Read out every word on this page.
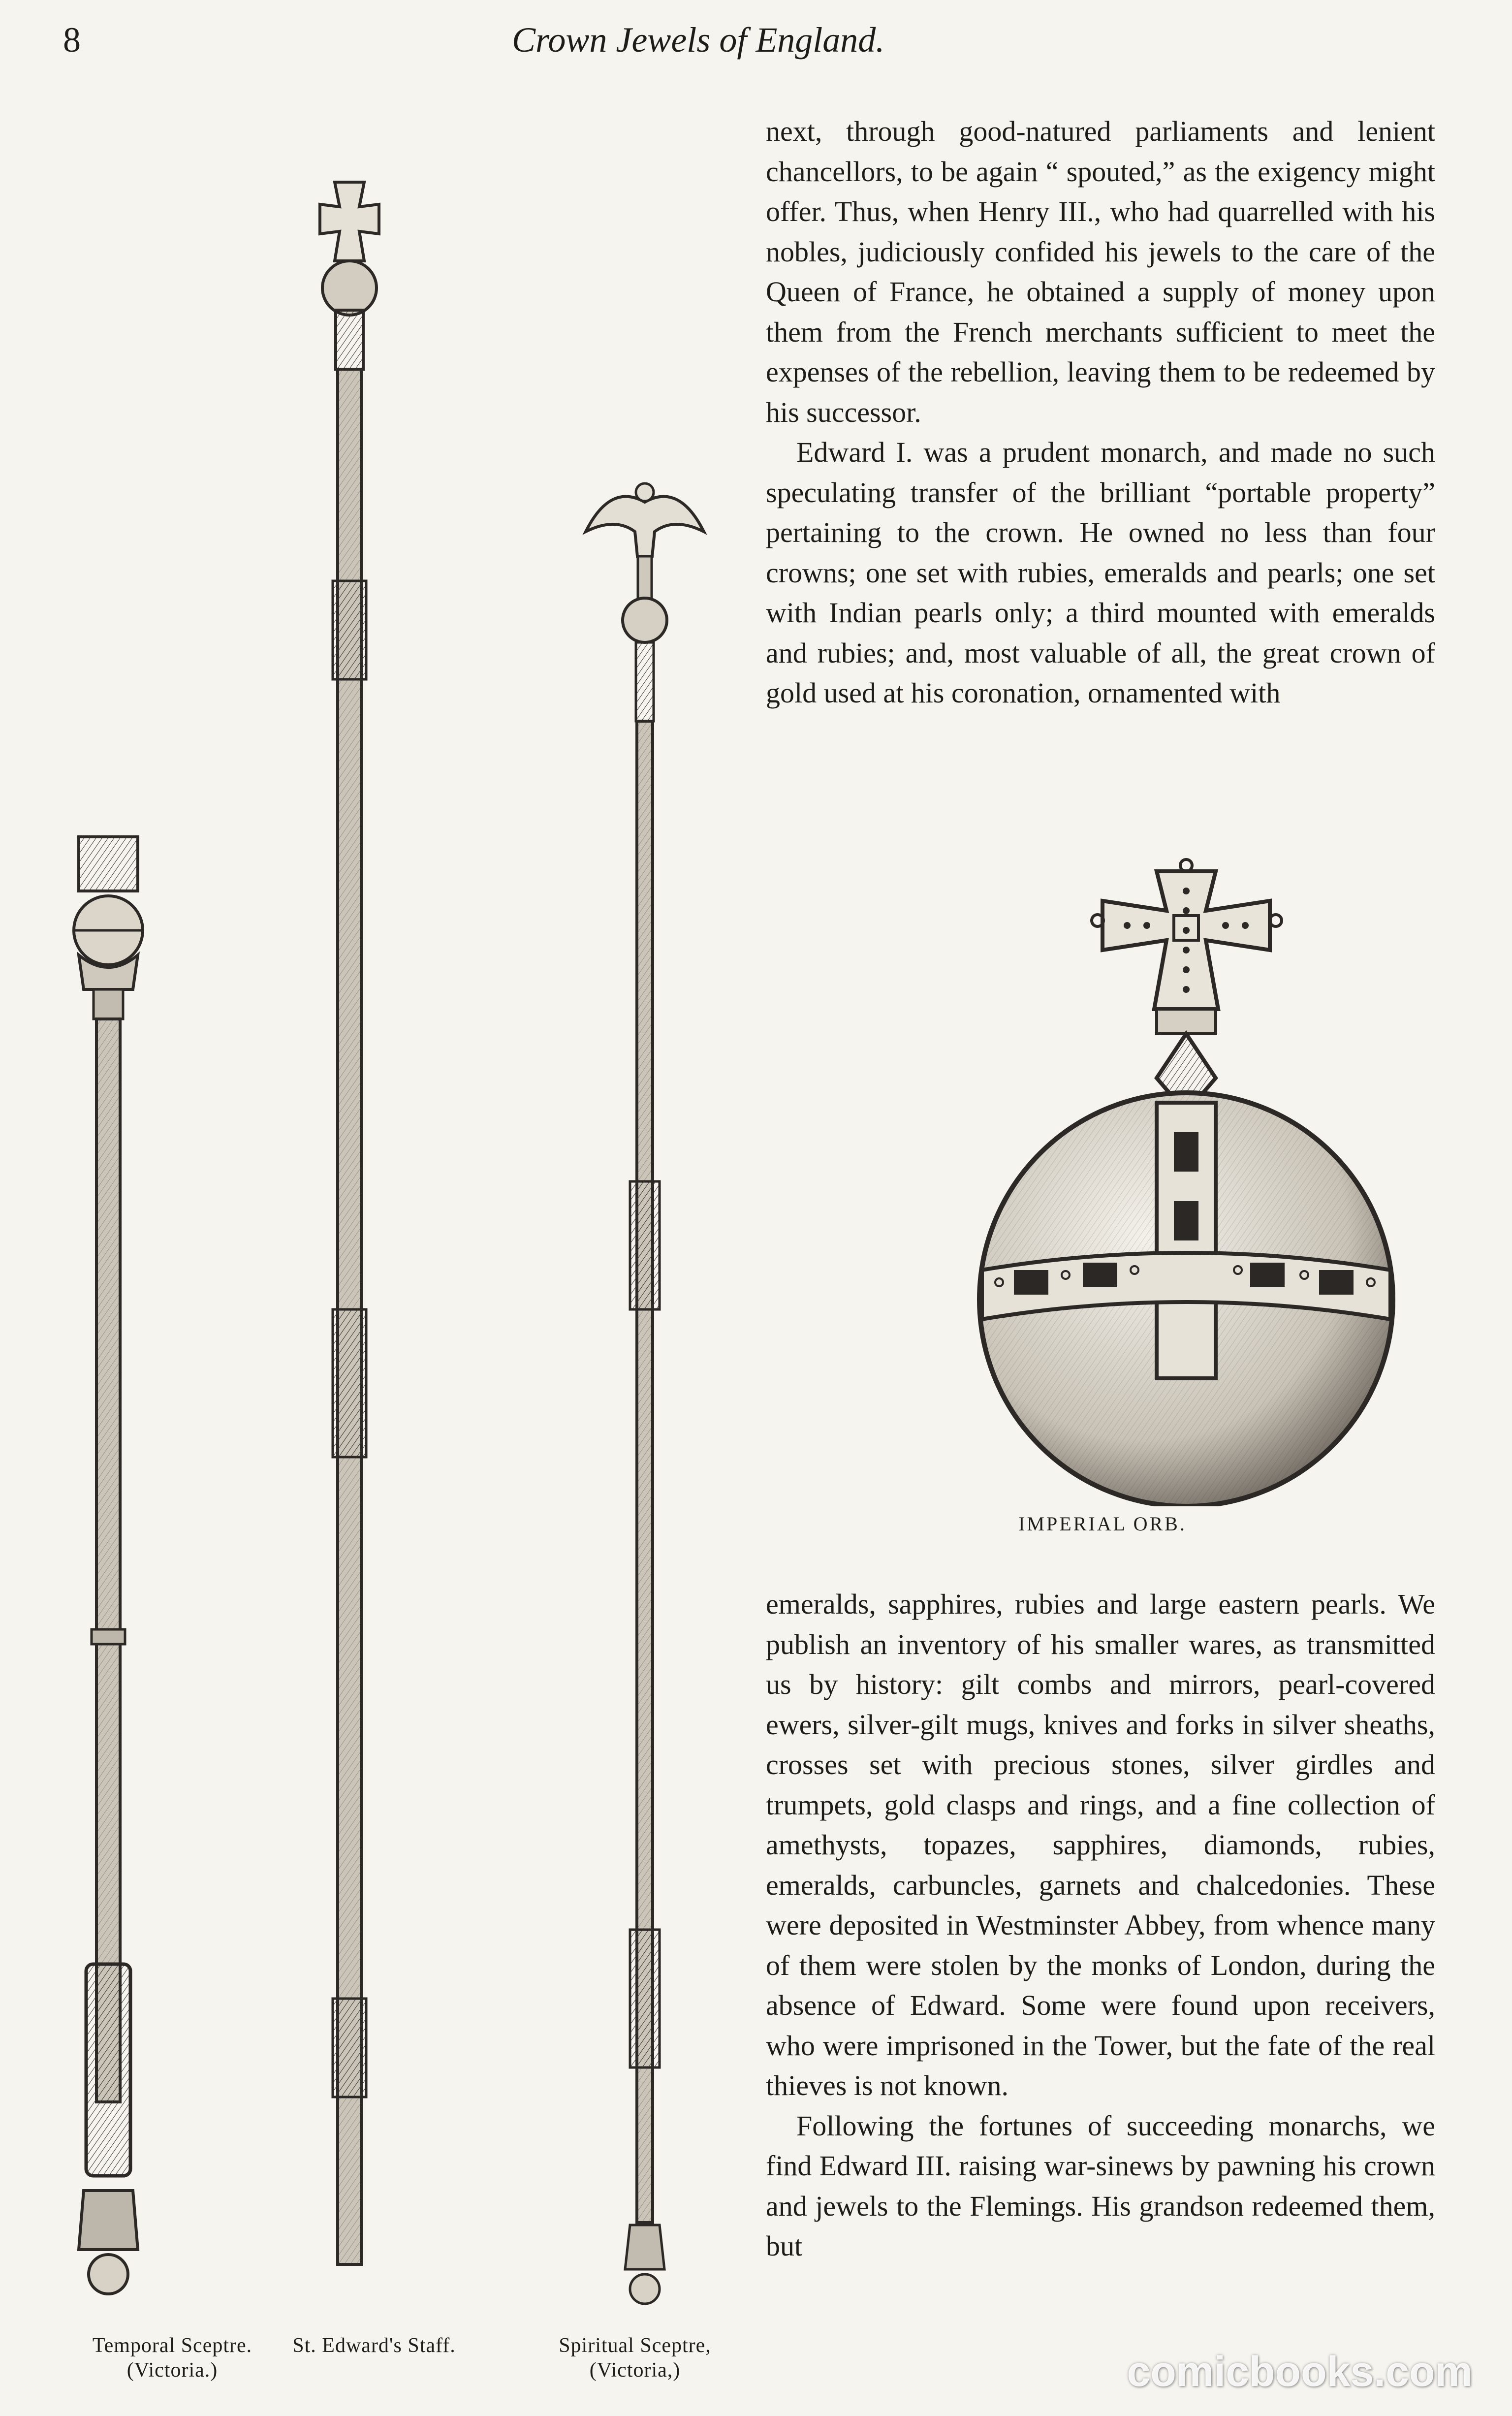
8	Crown Jewels of England.

next, through good-natured parliaments and lenient chancellors, to be again “ spouted,” as the exigency might offer. Thus, when Henry III., who had quarrelled with his nobles, judiciously confided his jewels to the care of the Queen of France, he obtained a supply of money upon them from the French merchants sufficient to meet the expenses of the rebellion, leaving them to be redeemed by his successor.

Edward I. was a prudent monarch, and made no such speculating transfer of the brilliant “portable property” pertaining to the crown. He owned no less than four crowns; one set with rubies, emeralds and pearls; one set with Indian pearls only; a third mounted with emeralds and rubies; and, most valuable of all, the great crown of gold used at his coronation, ornamented with

IMPERIAL ORB.

emeralds, sapphires, rubies and large eastern pearls. We publish an inventory of his smaller wares, as transmitted us by history: gilt combs and mirrors, pearl-covered ewers, silver-gilt mugs, knives and forks in silver sheaths, crosses set with precious stones, silver girdles and trumpets, gold clasps and rings, and a fine collection of amethysts, topazes, sapphires, diamonds, rubies, emeralds, carbuncles, garnets and chalcedonies. These were deposited in Westminster Abbey, from whence many of them were stolen by the monks of London, during the absence of Edward. Some were found upon receivers, who were imprisoned in the Tower, but the fate of the real thieves is not known.

Following the fortunes of succeeding monarchs, we find Edward III. raising war-sinews by pawning his crown and jewels to the Flemings. His grandson redeemed them, but

Temporal Sceptre.
(Victoria.)
St. Edward's Staff.	Spiritual Sceptre,
(Victoria,)	comicbooks.com
